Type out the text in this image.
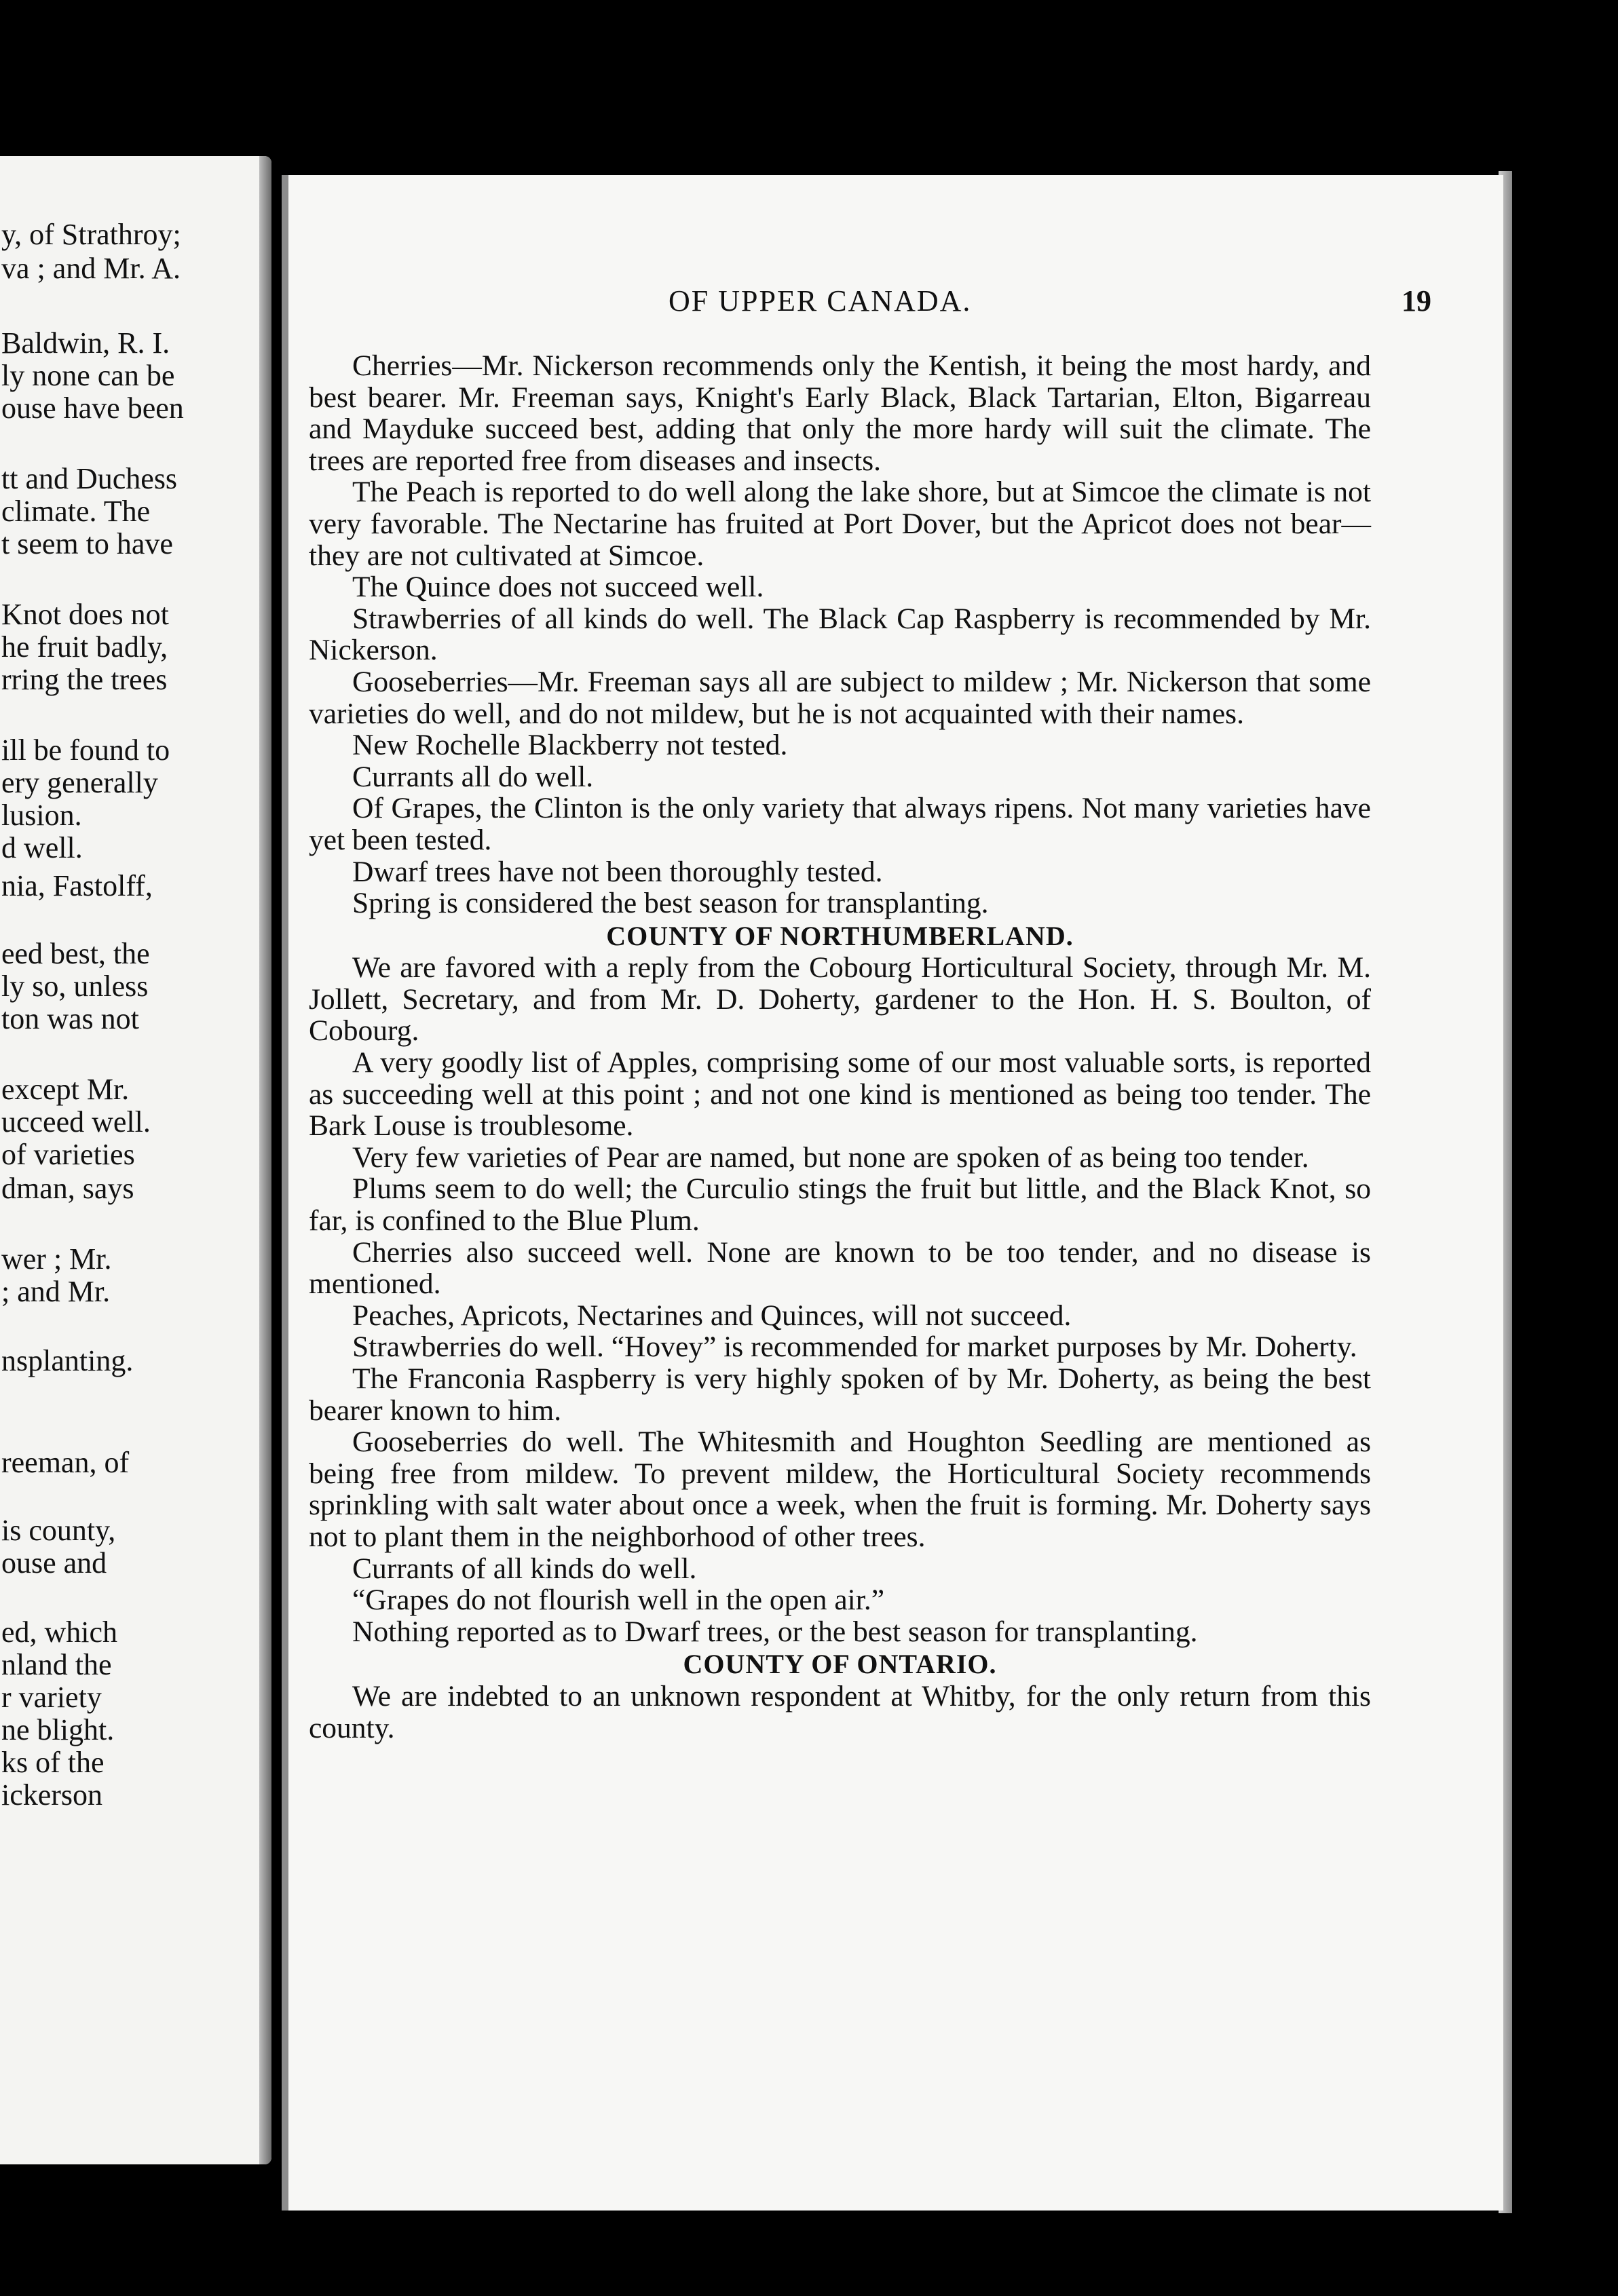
y, of Strathroy;
va ; and Mr. A.
Baldwin, R. I.
ly none can be
ouse have been
tt and Duchess
climate. The
t seem to have
Knot does not
he fruit badly,
rring the trees
ill be found to
ery generally
lusion.
d well.
nia, Fastolff,
eed best, the
ly so, unless
ton was not
except Mr.
ucceed well.
of varieties
dman, says
wer ; Mr.
; and Mr.
nsplanting.
reeman, of
is county,
ouse and
ed, which
nland the
r variety
ne blight.
ks of the
ickerson
OF UPPER CANADA.	19

Cherries—Mr. Nickerson recommends only the Kentish, it being the most hardy, and best bearer. Mr. Freeman says, Knight's Early Black, Black Tartarian, Elton, Bigarreau and Mayduke succeed best, adding that only the more hardy will suit the climate. The trees are reported free from diseases and insects.

The Peach is reported to do well along the lake shore, but at Simcoe the climate is not very favorable. The Nectarine has fruited at Port Dover, but the Apricot does not bear—they are not cultivated at Simcoe.

The Quince does not succeed well.

Strawberries of all kinds do well. The Black Cap Raspberry is recommended by Mr. Nickerson.

Gooseberries—Mr. Freeman says all are subject to mildew ; Mr. Nickerson that some varieties do well, and do not mildew, but he is not acquainted with their names.

New Rochelle Blackberry not tested.

Currants all do well.

Of Grapes, the Clinton is the only variety that always ripens. Not many varieties have yet been tested.

Dwarf trees have not been thoroughly tested.

Spring is considered the best season for transplanting.

COUNTY OF NORTHUMBERLAND.

We are favored with a reply from the Cobourg Horticultural Society, through Mr. M. Jollett, Secretary, and from Mr. D. Doherty, gardener to the Hon. H. S. Boulton, of Cobourg.

A very goodly list of Apples, comprising some of our most valuable sorts, is reported as succeeding well at this point ; and not one kind is mentioned as being too tender. The Bark Louse is troublesome.

Very few varieties of Pear are named, but none are spoken of as being too tender.

Plums seem to do well; the Curculio stings the fruit but little, and the Black Knot, so far, is confined to the Blue Plum.

Cherries also succeed well. None are known to be too tender, and no disease is mentioned.

Peaches, Apricots, Nectarines and Quinces, will not succeed.

Strawberries do well. “Hovey” is recommended for market purposes by Mr. Doherty.

The Franconia Raspberry is very highly spoken of by Mr. Doherty, as being the best bearer known to him.

Gooseberries do well. The Whitesmith and Houghton Seedling are mentioned as being free from mildew. To prevent mildew, the Horticultural Society recommends sprinkling with salt water about once a week, when the fruit is forming. Mr. Doherty says not to plant them in the neighborhood of other trees.

Currants of all kinds do well.

“Grapes do not flourish well in the open air.”

Nothing reported as to Dwarf trees, or the best season for transplanting.

COUNTY OF ONTARIO.

We are indebted to an unknown respondent at Whitby, for the only return from this county.
